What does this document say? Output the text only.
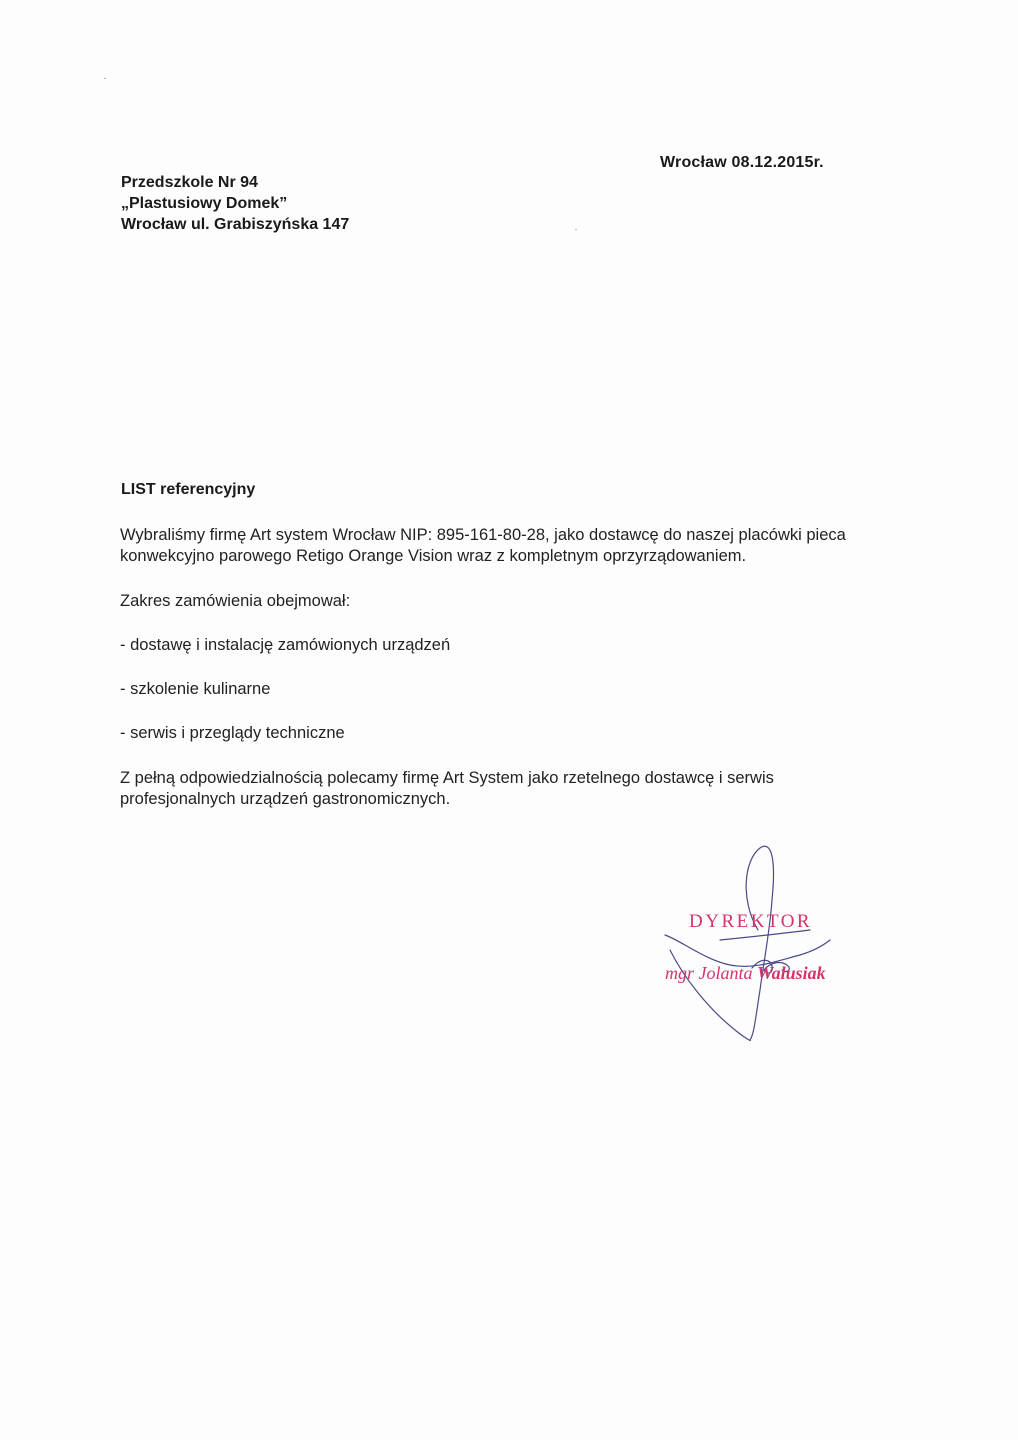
Wrocław 08.12.2015r.
Przedszkole Nr 94
„Plastusiowy Domek”
Wrocław ul. Grabiszyńska 147
LIST referencyjny
Wybraliśmy firmę Art system Wrocław NIP: 895-161-80-28, jako dostawcę do naszej placówki pieca konwekcyjno parowego Retigo Orange Vision wraz z kompletnym oprzyrządowaniem.
Zakres zamówienia obejmował:
- dostawę i instalację zamówionych urządzeń
- szkolenie kulinarne
- serwis i przeglądy techniczne
Z pełną odpowiedzialnością polecamy firmę Art System jako rzetelnego dostawcę i serwis profesjonalnych urządzeń gastronomicznych.
DYREKTOR
mgr Jolanta Walusiak
